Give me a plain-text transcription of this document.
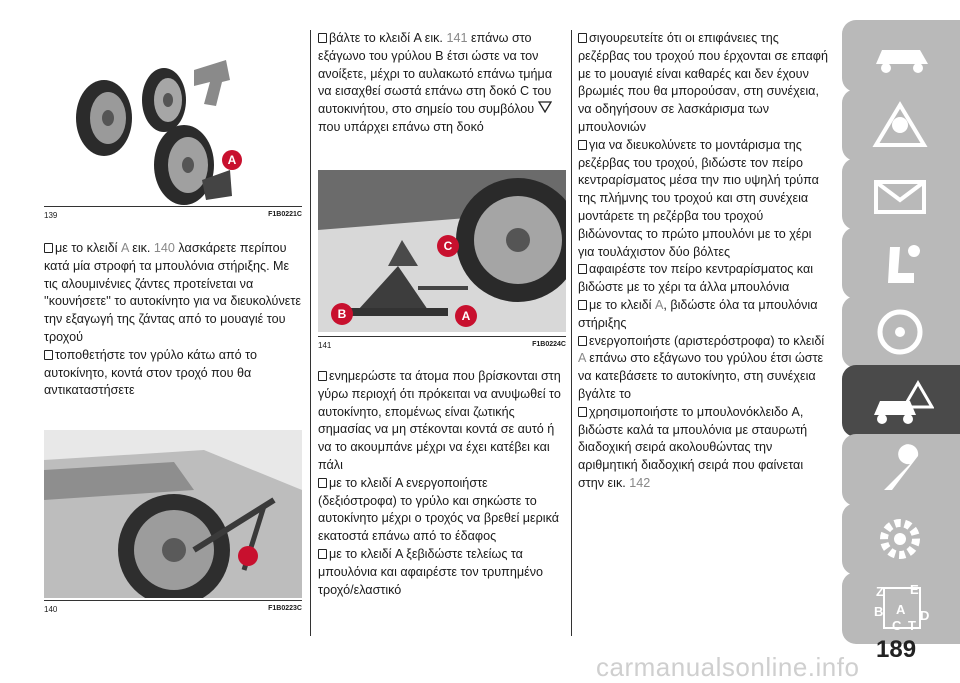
A
139	F1B0221C

με το κλειδί A εικ. 140 λασκάρετε περίπου κατά μία στροφή τα μπουλόνια στήριξης. Με τις αλουμινένιες ζάντες προτείνεται να ''κουνήσετε'' το αυτοκίνητο για να διευκολύνετε την εξαγωγή της ζάντας από το μουαγιέ του τροχού

τοποθετήστε τον γρύλο κάτω από το αυτοκίνητο, κοντά στον τροχό που θα αντικαταστήσετε

140	F1B0223C

βάλτε το κλειδί A εικ. 141 επάνω στο εξάγωνο του γρύλου B έτσι ώστε να τον ανοίξετε, μέχρι το αυλακωτό επάνω τμήμα να εισαχθεί σωστά επάνω στη δοκό C του αυτοκινήτου, στο σημείο του συμβόλου  που υπάρχει επάνω στη δοκό

C
B	A
141	F1B0224C

ενημερώστε τα άτομα που βρίσκονται στη γύρω περιοχή ότι πρόκειται να ανυψωθεί το αυτοκίνητο, επομένως είναι ζωτικής σημασίας να μη στέκονται κοντά σε αυτό ή να το ακουμπάνε μέχρι να έχει κατέβει και πάλι

με το κλειδί A ενεργοποιήστε (δεξιόστροφα) το γρύλο και σηκώστε το αυτοκίνητο μέχρι ο τροχός να βρεθεί μερικά εκατοστά επάνω από το έδαφος

με το κλειδί A ξεβιδώστε τελείως τα μπουλόνια και αφαιρέστε τον τρυπημένο τροχό/ελαστικό

σιγουρευτείτε ότι οι επιφάνειες της ρεζέρβας του τροχού που έρχονται σε επαφή με το μουαγιέ είναι καθαρές και δεν έχουν βρωμιές που θα μπορούσαν, στη συνέχεια, να οδηγήσουν σε λασκάρισμα των μπουλονιών

για να διευκολύνετε το μοντάρισμα της ρεζέρβας του τροχού, βιδώστε τον πείρο κεντραρίσματος μέσα την πιο υψηλή τρύπα της πλήμνης του τροχού και στη συνέχεια μοντάρετε τη ρεζέρβα του τροχού βιδώνοντας το πρώτο μπουλόνι με το χέρι για τουλάχιστον δύο βόλτες

αφαιρέστε τον πείρο κεντραρίσματος και βιδώστε με το χέρι τα άλλα μπουλόνια

με το κλειδί A, βιδώστε όλα τα μπουλόνια στήριξης

ενεργοποιήστε (αριστερόστροφα) το κλειδί A επάνω στο εξάγωνο του γρύλου έτσι ώστε να κατεβάσετε το αυτοκίνητο, στη συνέχεια βγάλτε το

χρησιμοποιήστε το μπουλονόκλειδο A, βιδώστε καλά τα μπουλόνια με σταυρωτή διαδοχική σειρά ακολουθώντας την αριθμητική διαδοχική σειρά που φαίνεται στην εικ. 142

Z E
B A
C T
D
189
carmanualsonline.info
